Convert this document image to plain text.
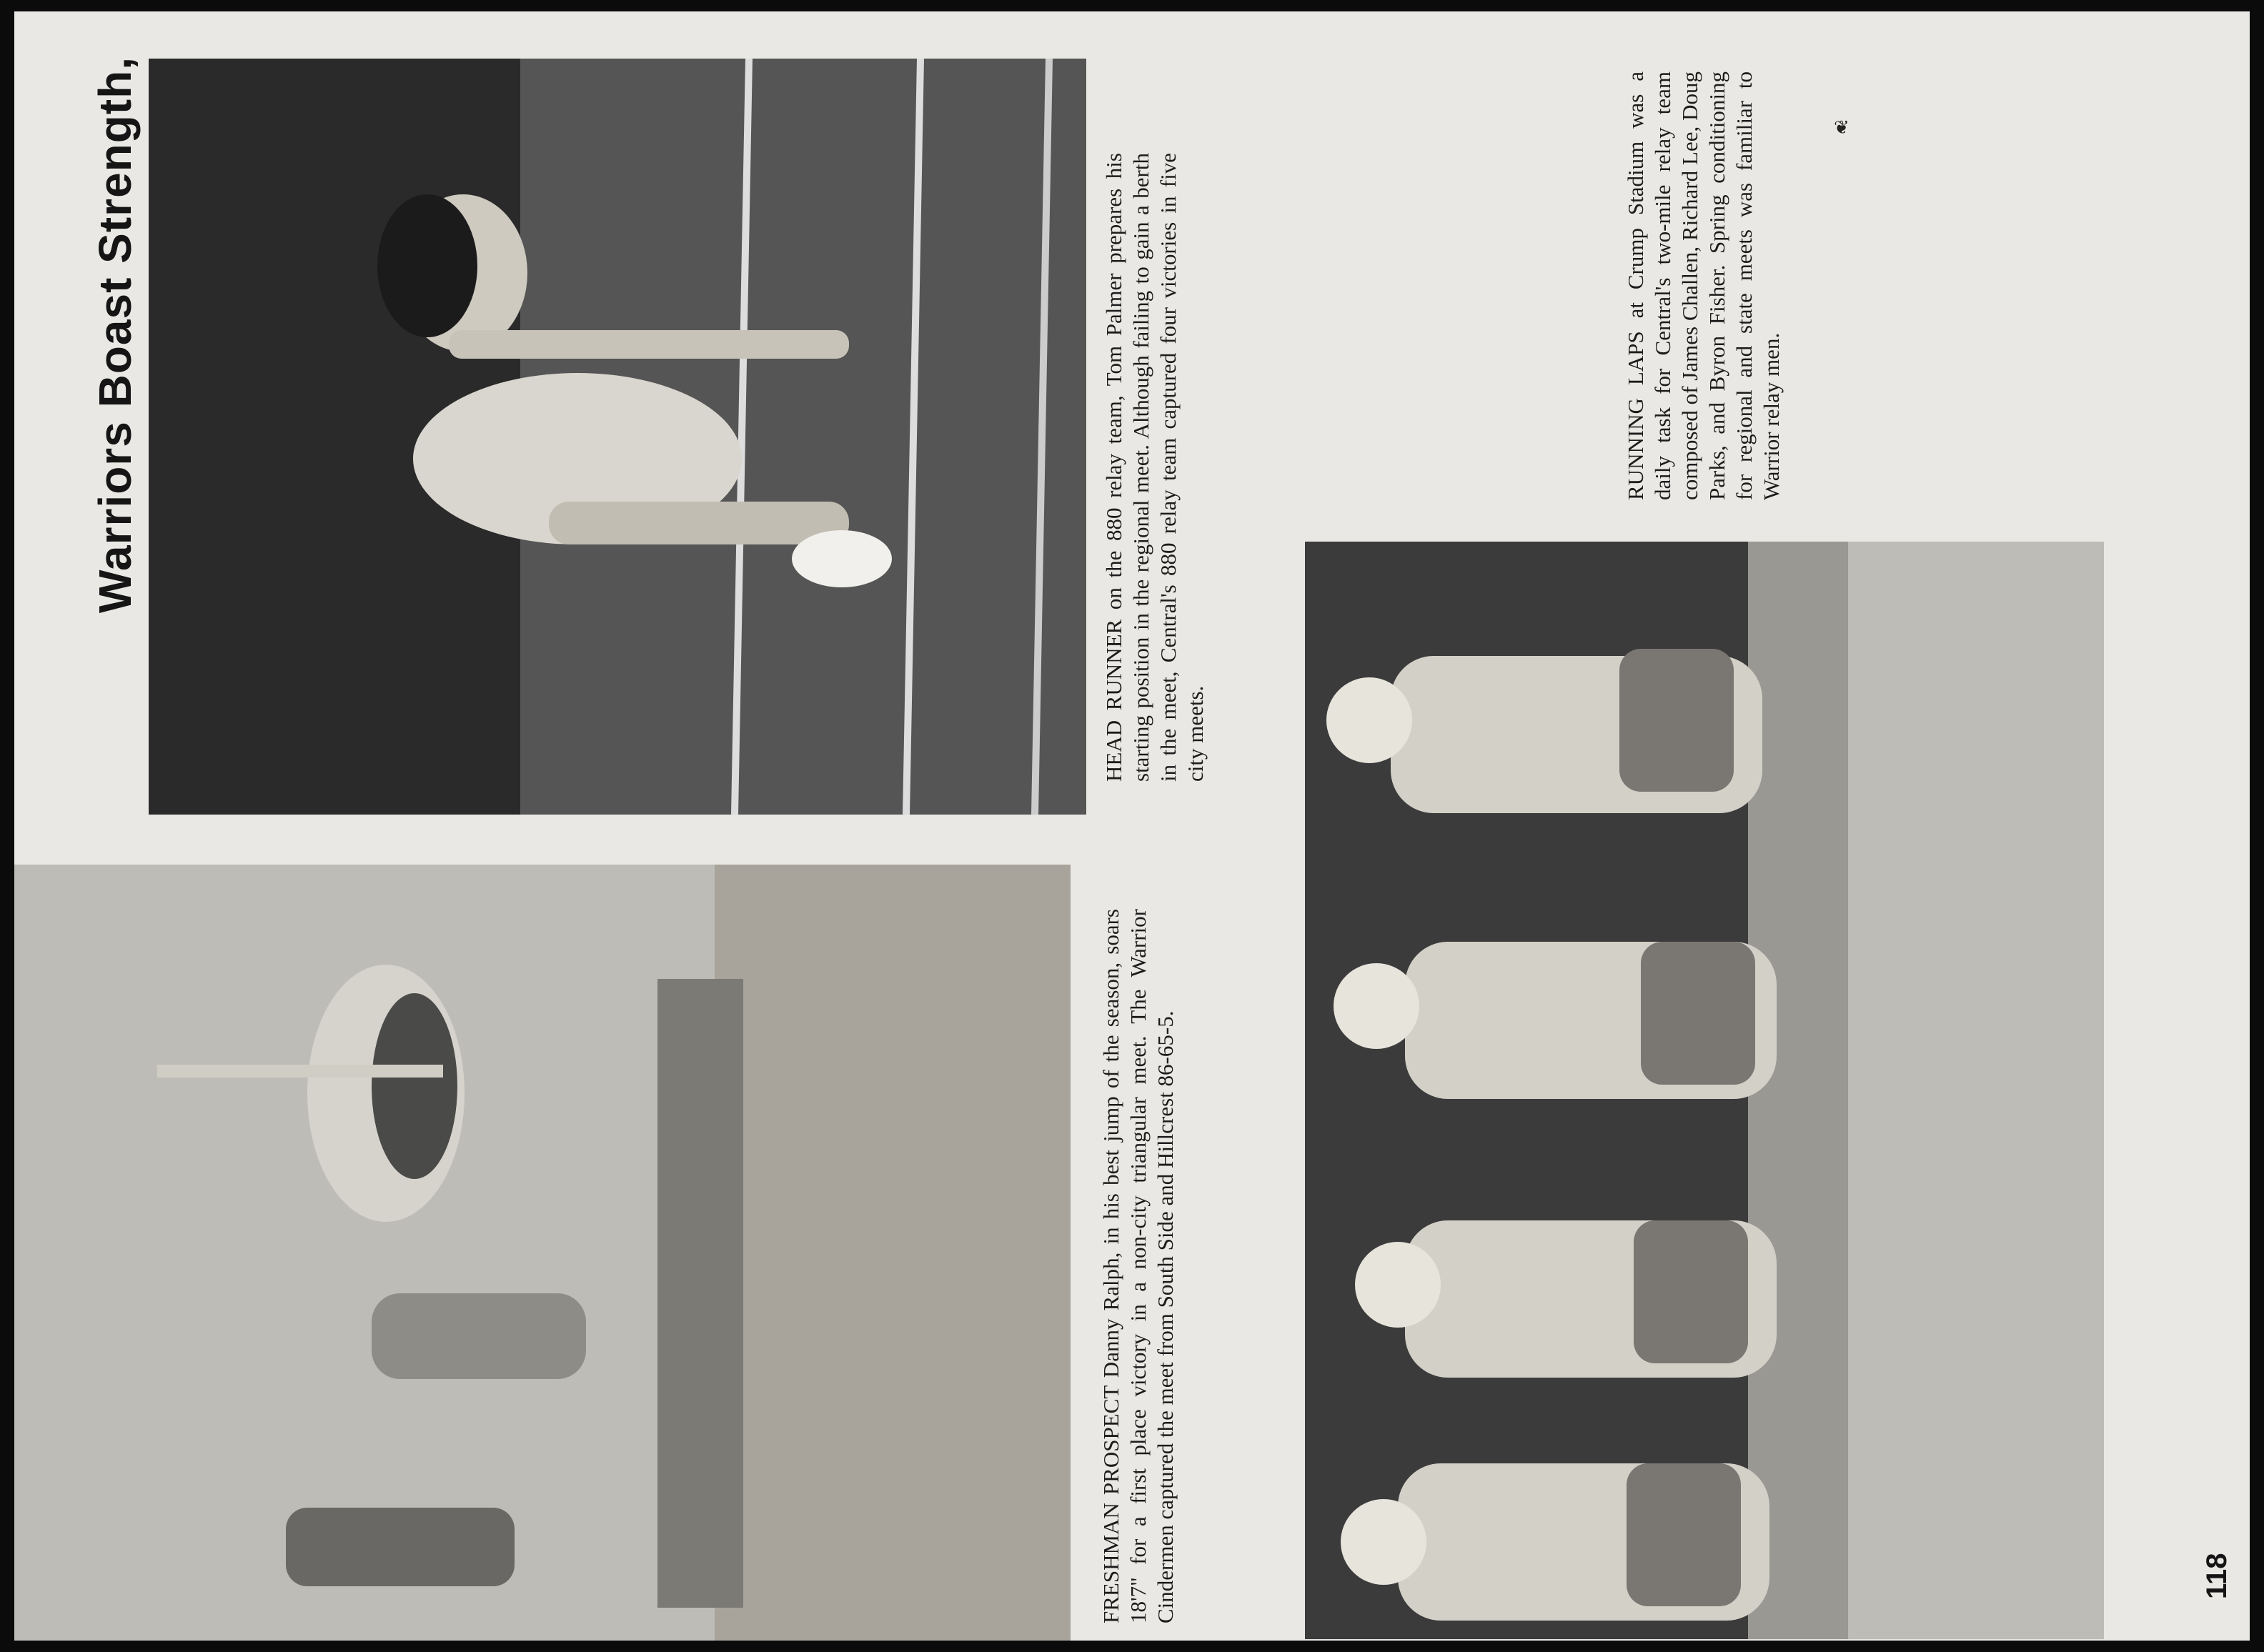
Warriors Boast Strength,
HEAD RUNNER on the 880 relay team, Tom Palmer prepares his starting position in the regional meet. Although failing to gain a berth in the meet, Central's 880 relay team captured four victories in five city meets.
FRESHMAN PROSPECT Danny Ralph, in his best jump of the season, soars 18'7" for a first place victory in a non-city triangular meet. The Warrior Cindermen captured the meet from South Side and Hillcrest 86-65-5.
RUNNING LAPS at Crump Stadium was a daily task for Central's two-mile relay team composed of James Challen, Richard Lee, Doug Parks, and Byron Fisher. Spring conditioning for regional and state meets was familiar to Warrior relay men.
❦
118
